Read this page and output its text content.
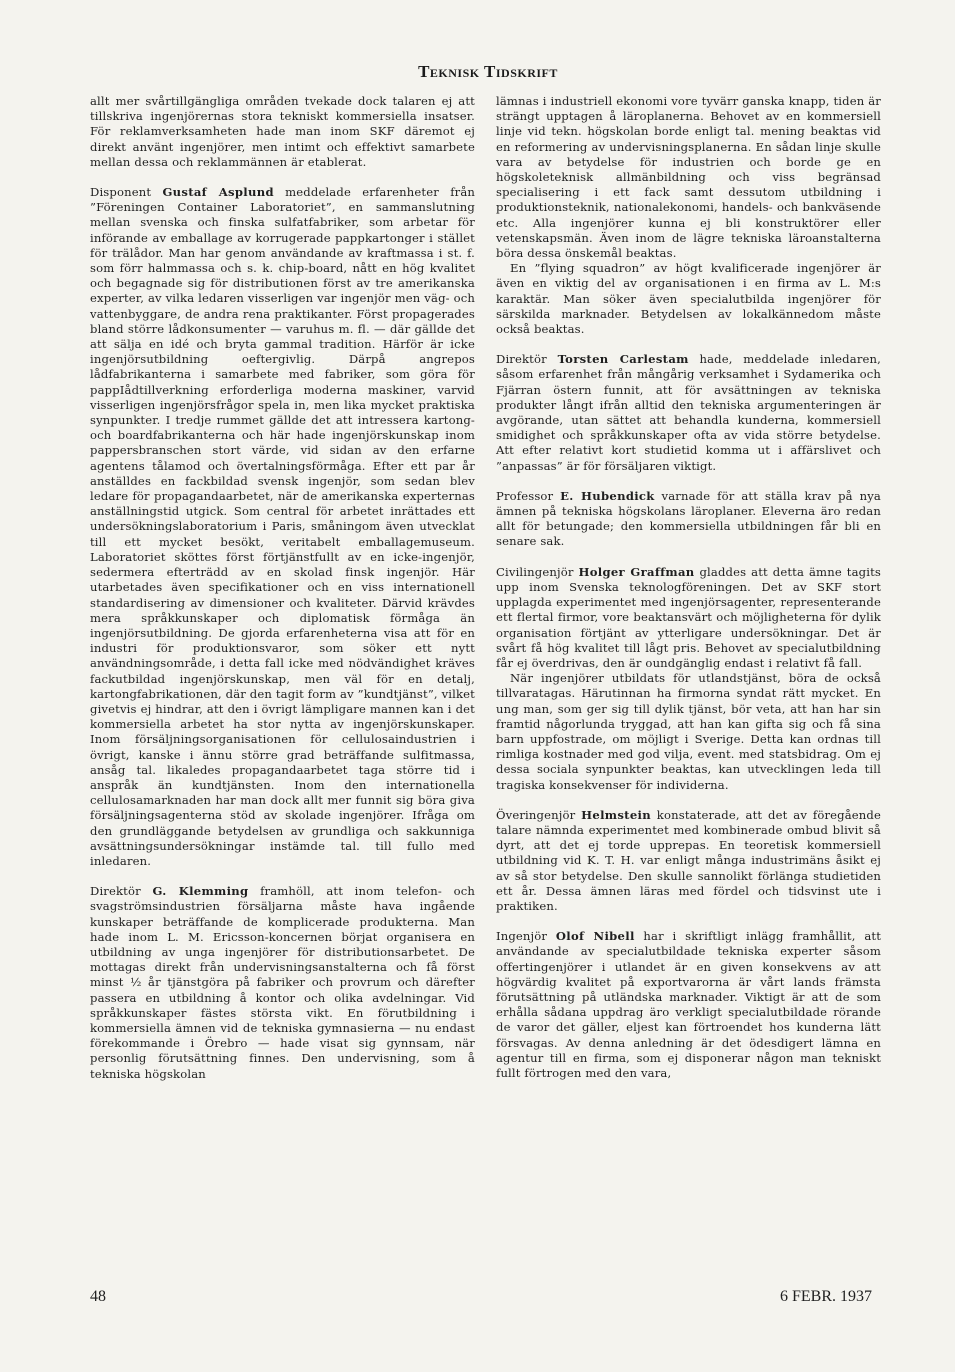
Teknisk Tidskrift

allt mer svårtillgängliga områden tvekade dock talaren ej att tillskriva ingenjörernas stora tekniskt kommersiella insatser. För reklamverksamheten hade man inom SKF däremot ej direkt använt ingenjörer, men intimt och effektivt samarbete mellan dessa och reklammännen är etablerat.

Disponent Gustaf Asplund meddelade erfarenheter från ”Föreningen Container Laboratoriet”, en sammanslutning mellan svenska och finska sulfatfabriker, som arbetar för införande av emballage av korrugerade pappkartonger i stället för trälådor. Man har genom användande av kraftmassa i st. f. som förr halmmassa och s. k. chip-board, nått en hög kvalitet och begagnade sig för distributionen först av tre amerikanska experter, av vilka ledaren visserligen var ingenjör men väg- och vattenbyggare, de andra rena praktikanter. Först propagerades bland större lådkonsumenter — varuhus m. fl. — där gällde det att sälja en idé och bryta gammal tradition. Härför är icke ingenjörsutbildning oeftergivlig. Därpå angrepos lådfabrikanterna i samarbete med fabriker, som göra för pappIådtillverkning erforderliga moderna maskiner, varvid visserligen ingenjörsfrågor spela in, men lika mycket praktiska synpunkter. I tredje rummet gällde det att intressera kartong- och boardfabrikanterna och här hade ingenjörskunskap inom pappersbranschen stort värde, vid sidan av den erfarne agentens tålamod och övertalningsförmåga. Efter ett par år anställdes en fackbildad svensk ingenjör, som sedan blev ledare för propagandaarbetet, när de amerikanska experternas anställningstid utgick. Som central för arbetet inrättades ett undersökningslaboratorium i Paris, småningom även utvecklat till ett mycket besökt, veritabelt emballagemuseum. Laboratoriet sköttes först förtjänstfullt av en icke-ingenjör, sedermera efterträdd av en skolad finsk ingenjör. Här utarbetades även specifikationer och en viss internationell standardisering av dimensioner och kvaliteter. Därvid krävdes mera språkkunskaper och diplomatisk förmåga än ingenjörsutbildning. De gjorda erfarenheterna visa att för en industri för produktionsvaror, som söker ett nytt användningsområde, i detta fall icke med nödvändighet kräves fackutbildad ingenjörskunskap, men väl för en detalj, kartongfabrikationen, där den tagit form av ”kundtjänst”, vilket givetvis ej hindrar, att den i övrigt lämpligare mannen kan i det kommersiella arbetet ha stor nytta av ingenjörskunskaper. Inom försäljningsorganisationen för cellulosaindustrien i övrigt, kanske i ännu större grad beträffande sulfitmassa, ansåg tal. likaledes propagandaarbetet taga större tid i anspråk än kundtjänsten. Inom den internationella cellulosamarknaden har man dock allt mer funnit sig böra giva försäljningsagenterna stöd av skolade ingenjörer. Ifråga om den grundläggande betydelsen av grundliga och sakkunniga avsättningsundersökningar instämde tal. till fullo med inledaren.

Direktör G. Klemming framhöll, att inom telefon- och svagströmsindustrien försäljarna måste hava ingående kunskaper beträffande de komplicerade produkterna. Man hade inom L. M. Ericsson-koncernen börjat organisera en utbildning av unga ingenjörer för distributionsarbetet. De mottagas direkt från undervisningsanstalterna och få först minst ½ år tjänstgöra på fabriker och provrum och därefter passera en utbildning å kontor och olika avdelningar. Vid språkkunskaper fästes största vikt. En förutbildning i kommersiella ämnen vid de tekniska gymnasierna — nu endast förekommande i Örebro — hade visat sig gynnsam, när personlig förutsättning finnes. Den undervisning, som å tekniska högskolan

lämnas i industriell ekonomi vore tyvärr ganska knapp, tiden är strängt upptagen å läroplanerna. Behovet av en kommersiell linje vid tekn. högskolan borde enligt tal. mening beaktas vid en reformering av undervisningsplanerna. En sådan linje skulle vara av betydelse för industrien och borde ge en högskoleteknisk allmänbildning och viss begränsad specialisering i ett fack samt dessutom utbildning i produktionsteknik, nationalekonomi, handels- och bankväsende etc. Alla ingenjörer kunna ej bli konstruktörer eller vetenskapsmän. Även inom de lägre tekniska läroanstalterna böra dessa önskemål beaktas.

En ”flying squadron” av högt kvalificerade ingenjörer är även en viktig del av organisationen i en firma av L. M:s karaktär. Man söker även specialutbilda ingenjörer för särskilda marknader. Betydelsen av lokalkännedom måste också beaktas.

Direktör Torsten Carlestam hade, meddelade inledaren, såsom erfarenhet från mångårig verksamhet i Sydamerika och Fjärran östern funnit, att för avsättningen av tekniska produkter långt ifrån alltid den tekniska argumenteringen är avgörande, utan sättet att behandla kunderna, kommersiell smidighet och språkkunskaper ofta av vida större betydelse. Att efter relativt kort studietid komma ut i affärslivet och ”anpassas” är för försäljaren viktigt.

Professor E. Hubendick varnade för att ställa krav på nya ämnen på tekniska högskolans läroplaner. Eleverna äro redan allt för betungade; den kommersiella utbildningen får bli en senare sak.

Civilingenjör Holger Graffman gladdes att detta ämne tagits upp inom Svenska teknologföreningen. Det av SKF stort upplagda experimentet med ingenjörsagenter, representerande ett flertal firmor, vore beaktansvärt och möjligheterna för dylik organisation förtjänt av ytterligare undersökningar. Det är svårt få hög kvalitet till lågt pris. Behovet av specialutbildning får ej överdrivas, den är oundgänglig endast i relativt få fall.

När ingenjörer utbildats för utlandstjänst, böra de också tillvaratagas. Härutinnan ha firmorna syndat rätt mycket. En ung man, som ger sig till dylik tjänst, bör veta, att han har sin framtid någorlunda tryggad, att han kan gifta sig och få sina barn uppfostrade, om möjligt i Sverige. Detta kan ordnas till rimliga kostnader med god vilja, event. med statsbidrag. Om ej dessa sociala synpunkter beaktas, kan utvecklingen leda till tragiska konsekvenser för individerna.

Överingenjör Helmstein konstaterade, att det av föregående talare nämnda experimentet med kombinerade ombud blivit så dyrt, att det ej torde upprepas. En teoretisk kommersiell utbildning vid K. T. H. var enligt många industrimäns åsikt ej av så stor betydelse. Den skulle sannolikt förlänga studietiden ett år. Dessa ämnen läras med fördel och tidsvinst ute i praktiken.

Ingenjör Olof Nibell har i skriftligt inlägg framhållit, att användande av specialutbildade tekniska experter såsom offertingenjörer i utlandet är en given konsekvens av att högvärdig kvalitet på exportvarorna är vårt lands främsta förutsättning på utländska marknader. Viktigt är att de som erhålla sådana uppdrag äro verkligt specialutbildade rörande de varor det gäller, eljest kan förtroendet hos kunderna lätt försvagas. Av denna anledning är det ödesdigert lämna en agentur till en firma, som ej disponerar någon man tekniskt fullt förtrogen med den vara,

48	6 FEBR. 1937
